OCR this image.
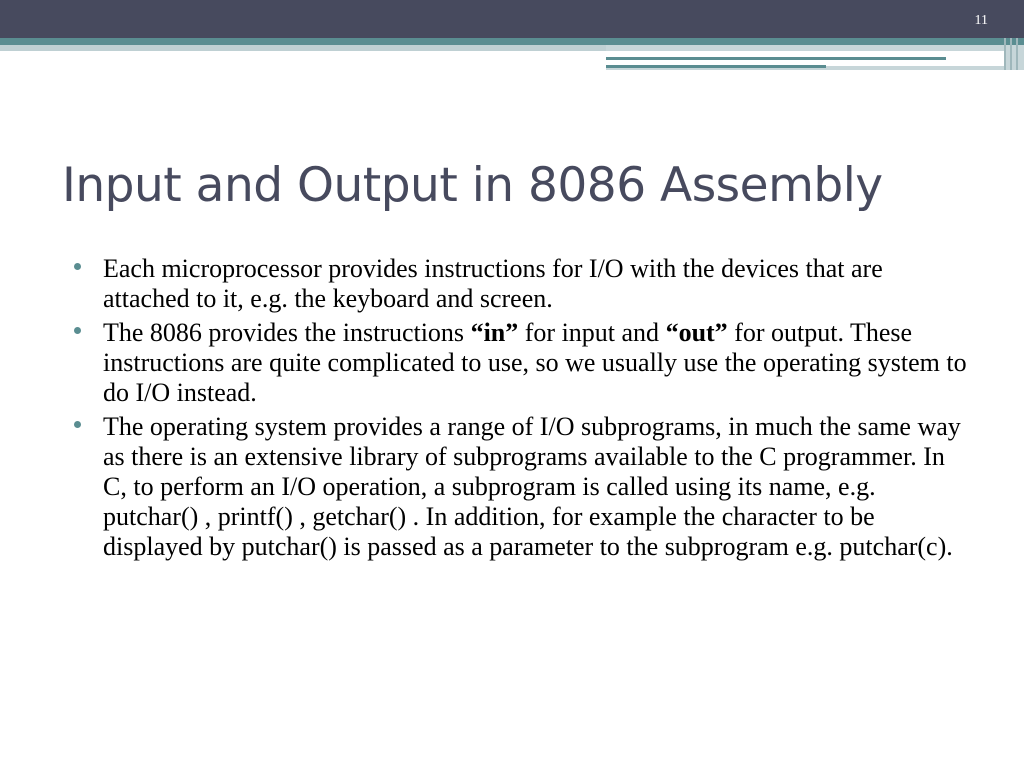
11
Input and Output in 8086 Assembly
Each microprocessor provides instructions for I/O with the devices that are attached to it, e.g. the keyboard and screen.
The 8086 provides the instructions “in” for input and “out” for output. These instructions are quite complicated to use, so we usually use the operating system to do I/O instead.
The operating system provides a range of I/O subprograms, in much the same way as there is an extensive library of subprograms available to the C programmer. In C, to perform an I/O operation, a subprogram is called using its name, e.g. putchar() , printf() , getchar() . In addition, for example the character to be displayed by putchar() is passed as a parameter to the subprogram e.g. putchar(c).
